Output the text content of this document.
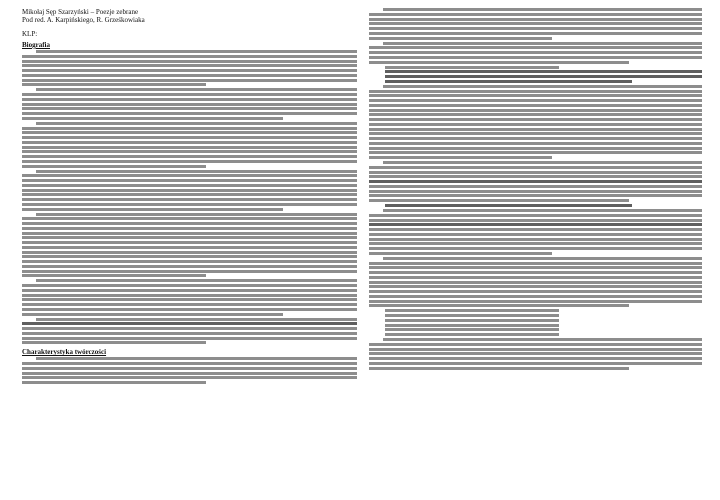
Mikołaj Sęp Szarzyński – Poezje zebrane

Pod red. A. Karpińskiego, R. Grześkowiaka

KLP:

Biografia

Charakterystyka twórczości
